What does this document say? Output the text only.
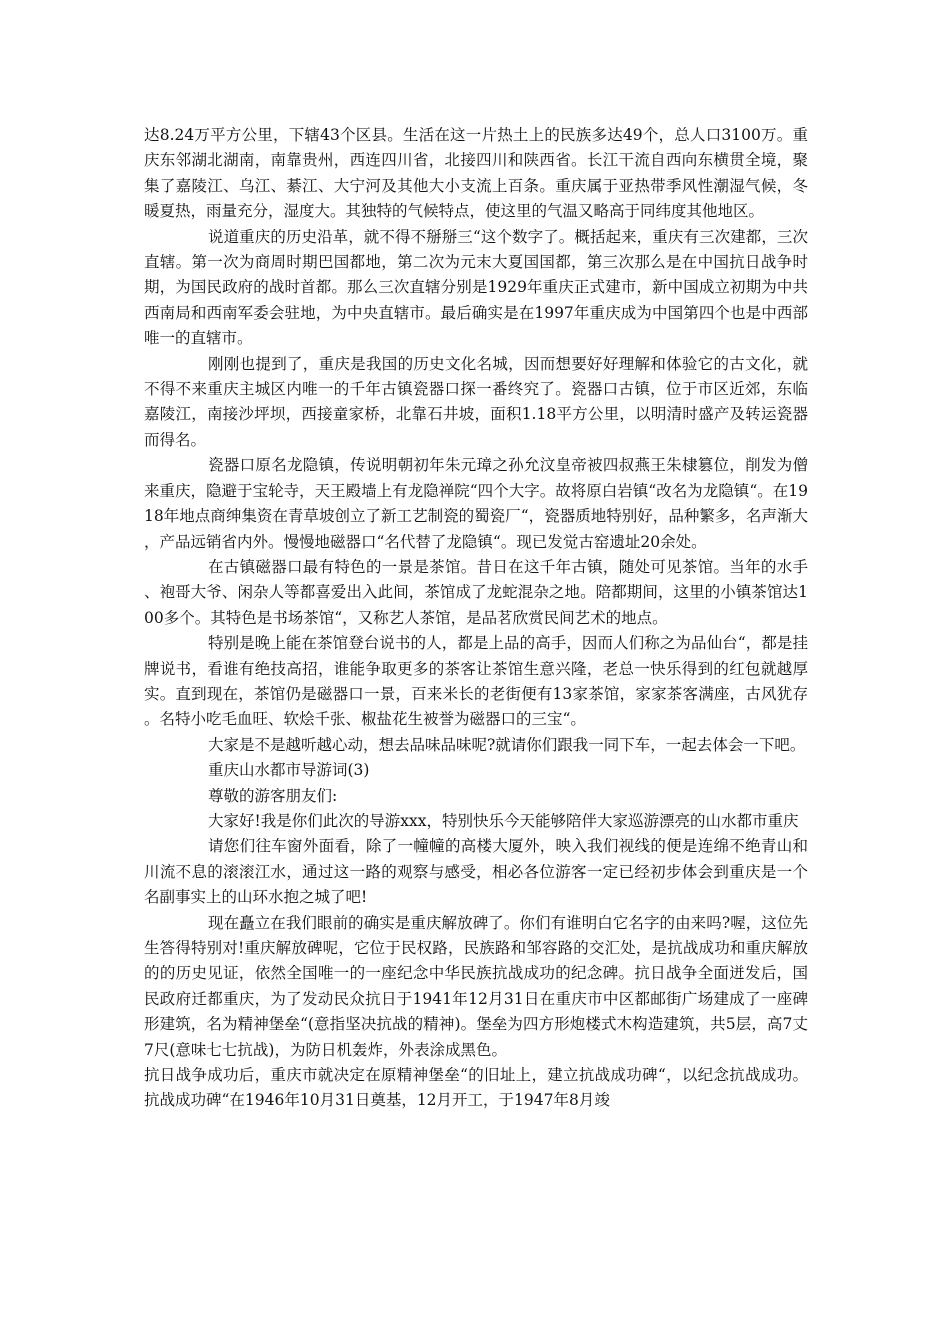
达8.24万平方公里，下辖43个区县。生活在这一片热土上的民族多达49个，总人口3100万。重庆东邻湖北湖南，南靠贵州，西连四川省，北接四川和陕西省。长江干流自西向东横贯全境，聚集了嘉陵江、乌江、綦江、大宁河及其他大小支流上百条。重庆属于亚热带季风性潮湿气候，冬暖夏热，雨量充分，湿度大。其独特的气候特点，使这里的气温又略高于同纬度其他地区。

说道重庆的历史沿革，就不得不掰掰三“这个数字了。概括起来，重庆有三次建都，三次直辖。第一次为商周时期巴国都地，第二次为元末大夏国国都，第三次那么是在中国抗日战争时期，为国民政府的战时首都。那么三次直辖分别是1929年重庆正式建市，新中国成立初期为中共西南局和西南军委会驻地，为中央直辖市。最后确实是在1997年重庆成为中国第四个也是中西部唯一的直辖市。

刚刚也提到了，重庆是我国的历史文化名城，因而想要好好理解和体验它的古文化，就不得不来重庆主城区内唯一的千年古镇瓷器口探一番终究了。瓷器口古镇，位于市区近郊，东临嘉陵江，南接沙坪坝，西接童家桥，北靠石井坡，面积1.18平方公里，以明清时盛产及转运瓷器而得名。

瓷器口原名龙隐镇，传说明朝初年朱元璋之孙允汶皇帝被四叔燕王朱棣篡位，削发为僧来重庆，隐避于宝轮寺，天王殿墙上有龙隐禅院“四个大字。故将原白岩镇“改名为龙隐镇“。在1918年地点商绅集资在青草坡创立了新工艺制瓷的蜀瓷厂“，瓷器质地特别好，品种繁多，名声渐大，产品远销省内外。慢慢地磁器口“名代替了龙隐镇“。现已发觉古窑遗址20余处。

在古镇磁器口最有特色的一景是茶馆。昔日在这千年古镇，随处可见茶馆。当年的水手、袍哥大爷、闲杂人等都喜爱出入此间，茶馆成了龙蛇混杂之地。陪都期间，这里的小镇茶馆达100多个。其特色是书场茶馆“，又称艺人茶馆，是品茗欣赏民间艺术的地点。

特别是晚上能在茶馆登台说书的人，都是上品的高手，因而人们称之为品仙台“，都是挂牌说书，看谁有绝技高招，谁能争取更多的茶客让茶馆生意兴隆，老总一快乐得到的红包就越厚实。直到现在，茶馆仍是磁器口一景，百来米长的老街便有13家茶馆，家家茶客满座，古风犹存。名特小吃毛血旺、软烩千张、椒盐花生被誉为磁器口的三宝“。

大家是不是越听越心动，想去品味品味呢?就请你们跟我一同下车，一起去体会一下吧。

重庆山水都市导游词(3)

尊敬的游客朋友们:

大家好!我是你们此次的导游xxx，特别快乐今天能够陪伴大家巡游漂亮的山水都市重庆

请您们往车窗外面看，除了一幢幢的高楼大厦外，映入我们视线的便是连绵不绝青山和川流不息的滚滚江水，通过这一路的观察与感受，相必各位游客一定已经初步体会到重庆是一个名副事实上的山环水抱之城了吧!

现在矗立在我们眼前的确实是重庆解放碑了。你们有谁明白它名字的由来吗?喔，这位先生答得特别对!重庆解放碑呢，它位于民权路，民族路和邹容路的交汇处，是抗战成功和重庆解放的的历史见证，依然全国唯一的一座纪念中华民族抗战成功的纪念碑。抗日战争全面迸发后，国民政府迁都重庆，为了发动民众抗日于1941年12月31日在重庆市中区都邮街广场建成了一座碑形建筑，名为精神堡垒“(意指坚决抗战的精神)。堡垒为四方形炮楼式木构造建筑，共5层，高7丈7尺(意味七七抗战)，为防日机轰炸，外表涂成黑色。

抗日战争成功后，重庆市就决定在原精神堡垒“的旧址上，建立抗战成功碑“，以纪念抗战成功。抗战成功碑“在1946年10月31日奠基，12月开工，于1947年8月竣
